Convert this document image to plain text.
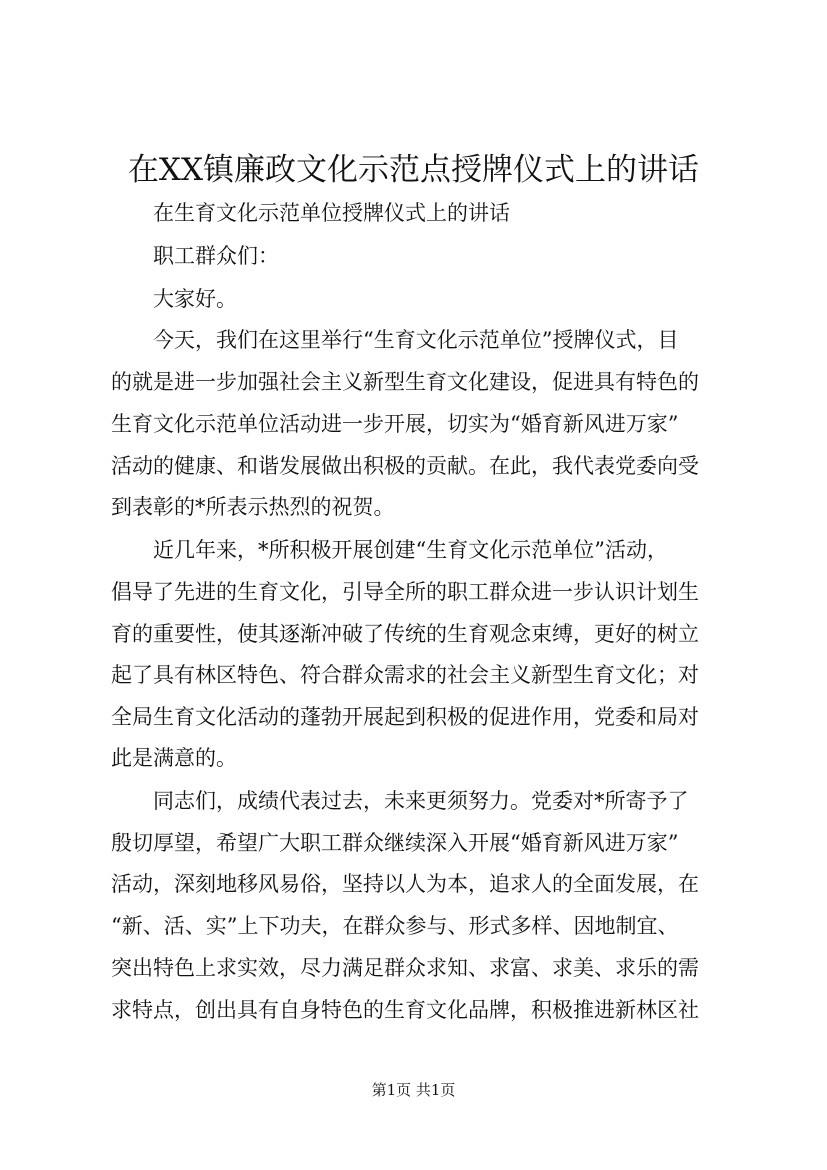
在XX镇廉政文化示范点授牌仪式上的讲话
在生育文化示范单位授牌仪式上的讲话
职工群众们：
大家好。
今天，我们在这里举行“生育文化示范单位”授牌仪式，目
的就是进一步加强社会主义新型生育文化建设，促进具有特色的
生育文化示范单位活动进一步开展，切实为“婚育新风进万家”
活动的健康、和谐发展做出积极的贡献。在此，我代表党委向受
到表彰的*所表示热烈的祝贺。
近几年来，*所积极开展创建“生育文化示范单位”活动，
倡导了先进的生育文化，引导全所的职工群众进一步认识计划生
育的重要性，使其逐渐冲破了传统的生育观念束缚，更好的树立
起了具有林区特色、符合群众需求的社会主义新型生育文化；对
全局生育文化活动的蓬勃开展起到积极的促进作用，党委和局对
此是满意的。
同志们，成绩代表过去，未来更须努力。党委对*所寄予了
殷切厚望，希望广大职工群众继续深入开展“婚育新风进万家”
活动，深刻地移风易俗，坚持以人为本，追求人的全面发展，在
“新、活、实”上下功夫，在群众参与、形式多样、因地制宜、
突出特色上求实效，尽力满足群众求知、求富、求美、求乐的需
求特点，创出具有自身特色的生育文化品牌，积极推进新林区社
第1页 共1页
